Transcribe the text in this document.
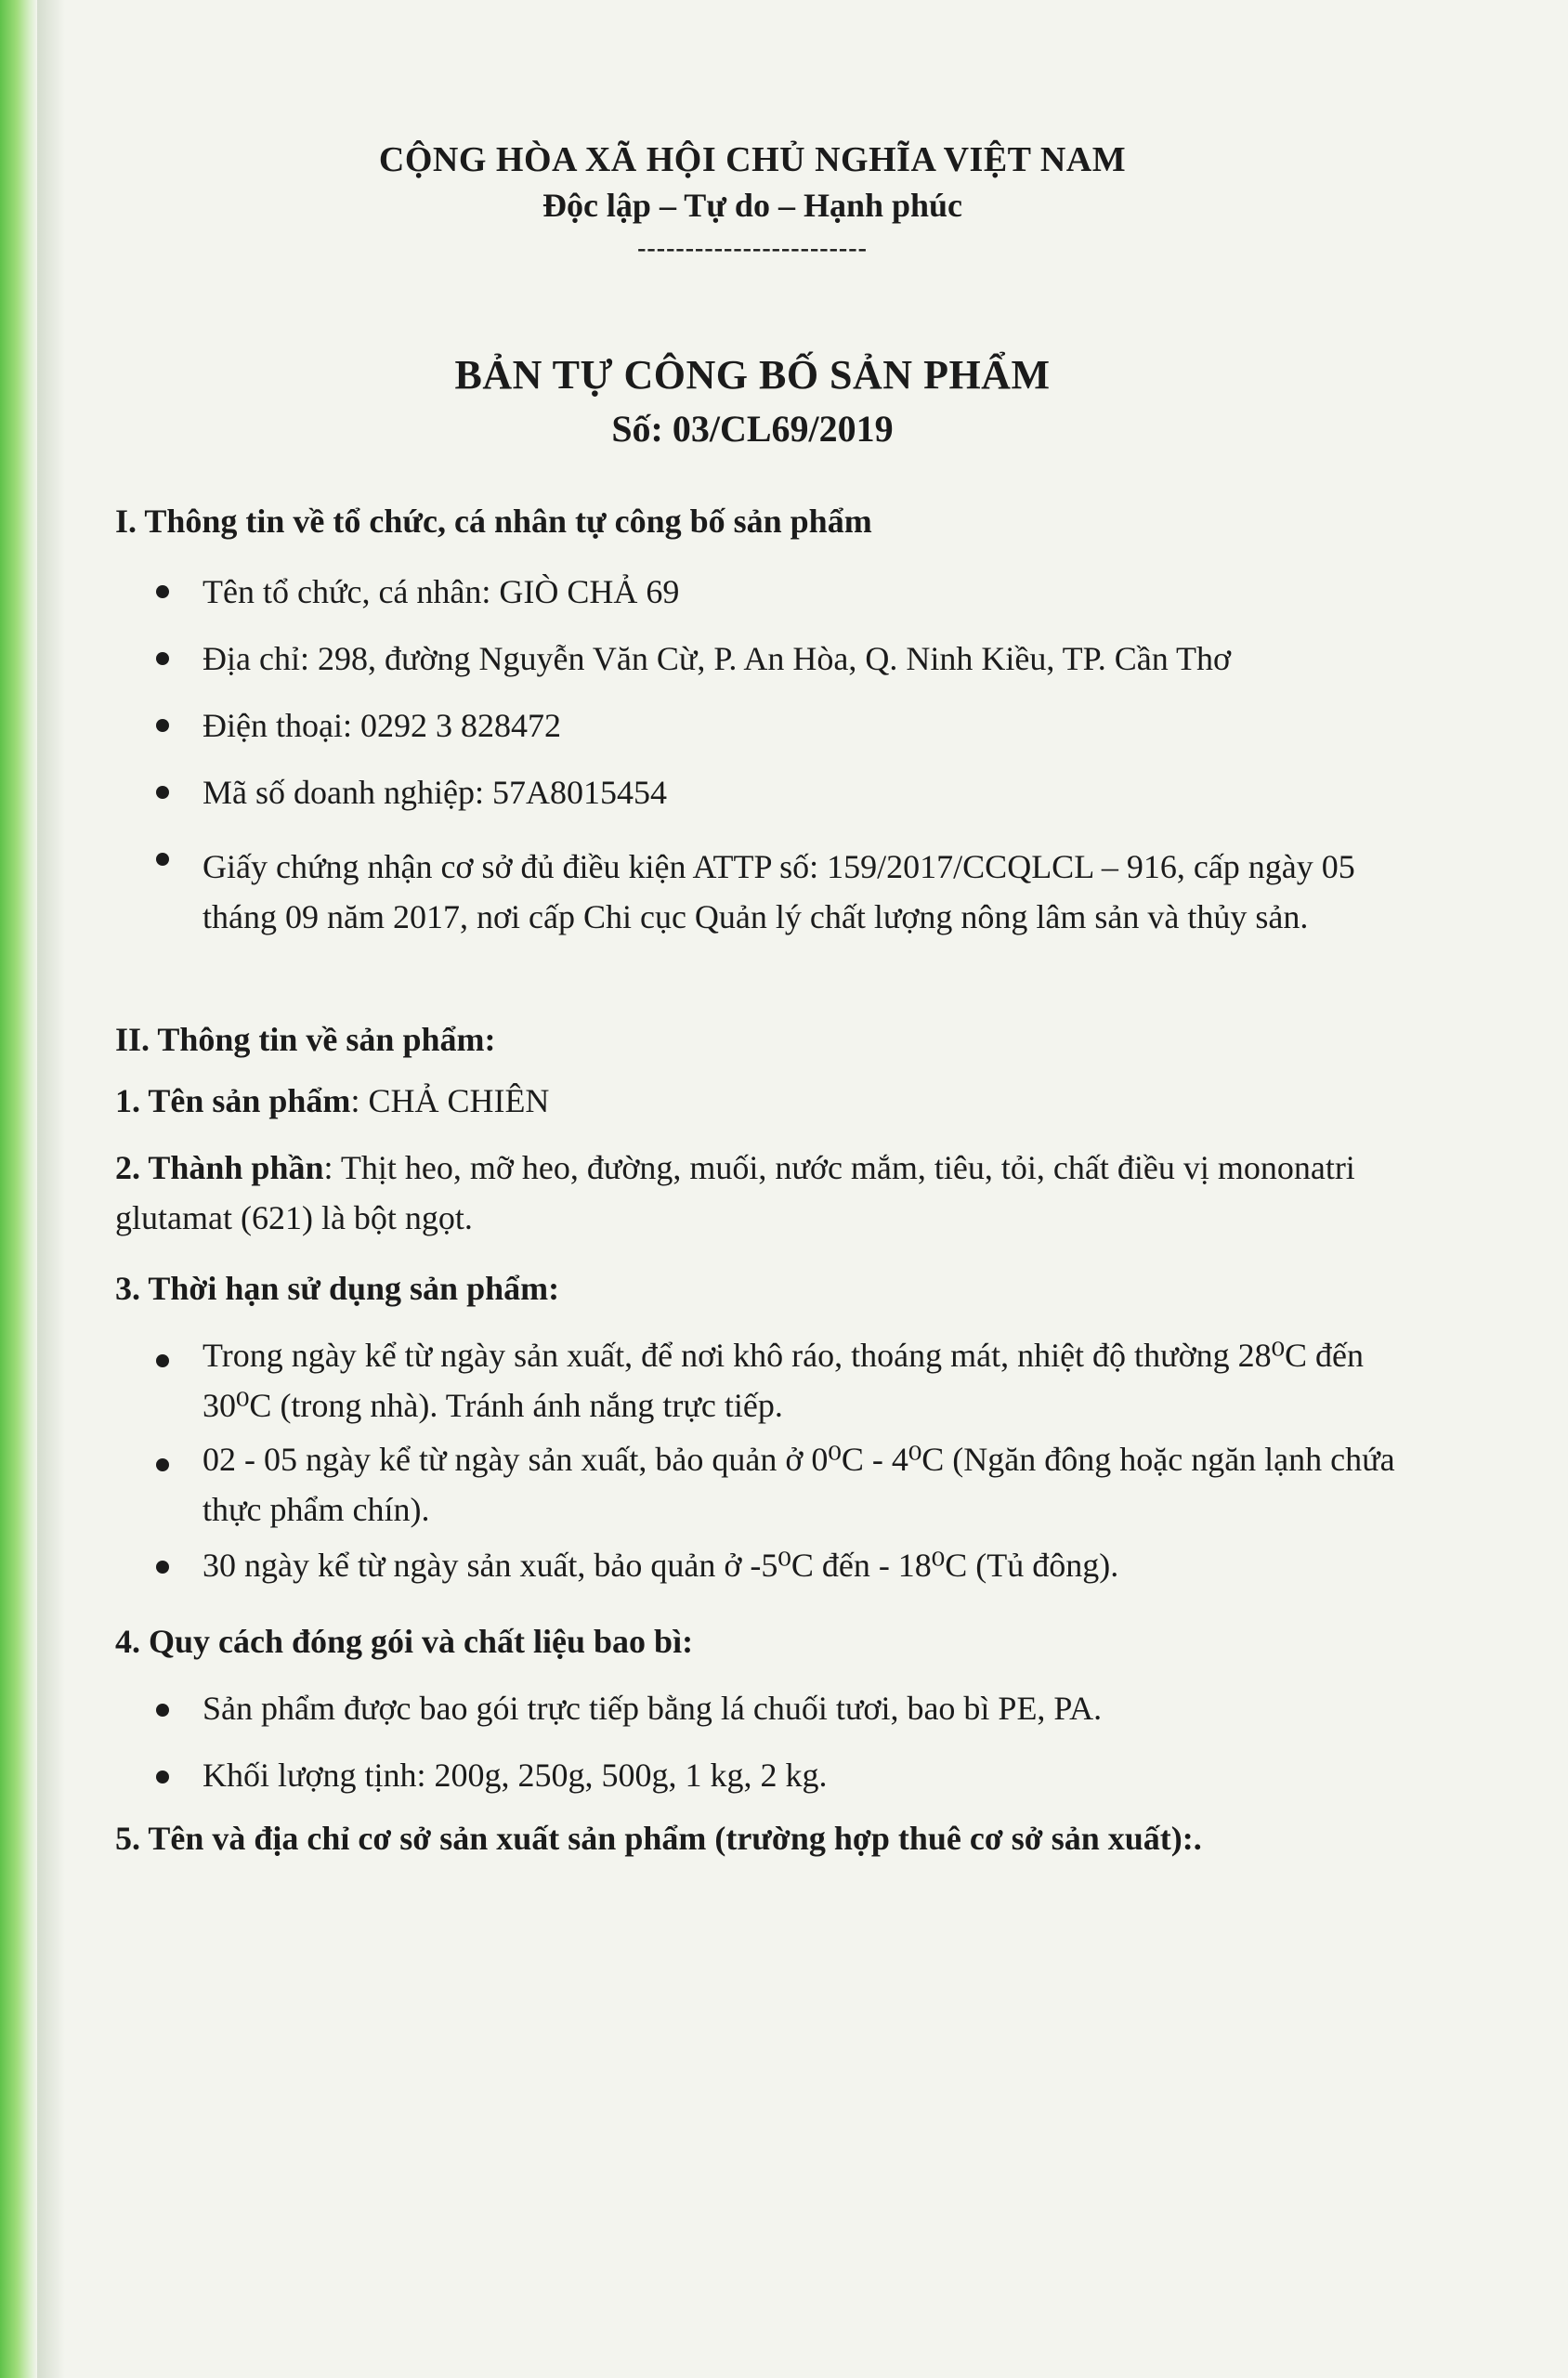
CỘNG HÒA XÃ HỘI CHỦ NGHĨA VIỆT NAM
Độc lập – Tự do – Hạnh phúc
------------------------
BẢN TỰ CÔNG BỐ SẢN PHẨM
Số: 03/CL69/2019
I. Thông tin về tổ chức, cá nhân tự công bố sản phẩm
Tên tổ chức, cá nhân: GIÒ CHẢ 69
Địa chỉ: 298, đường Nguyễn Văn Cừ, P. An Hòa, Q. Ninh Kiều, TP. Cần Thơ
Điện thoại: 0292 3 828472
Mã số doanh nghiệp: 57A8015454
Giấy chứng nhận cơ sở đủ điều kiện ATTP số: 159/2017/CCQLCL – 916, cấp ngày 05 tháng 09 năm 2017, nơi cấp Chi cục Quản lý chất lượng nông lâm sản và thủy sản.
II. Thông tin về sản phẩm:
1. Tên sản phẩm: CHẢ CHIÊN
2. Thành phần: Thịt heo, mỡ heo, đường, muối, nước mắm, tiêu, tỏi, chất điều vị mononatri glutamat (621) là bột ngọt.
3. Thời hạn sử dụng sản phẩm:
Trong ngày kể từ ngày sản xuất, để nơi khô ráo, thoáng mát, nhiệt độ thường 28⁰C đến 30⁰C (trong nhà). Tránh ánh nắng trực tiếp.
02 - 05 ngày kể từ ngày sản xuất, bảo quản ở 0⁰C - 4⁰C (Ngăn đông hoặc ngăn lạnh chứa thực phẩm chín).
30 ngày kể từ ngày sản xuất, bảo quản ở -5⁰C đến - 18⁰C (Tủ đông).
4. Quy cách đóng gói và chất liệu bao bì:
Sản phẩm được bao gói trực tiếp bằng lá chuối tươi, bao bì PE, PA.
Khối lượng tịnh: 200g, 250g, 500g, 1 kg, 2 kg.
5. Tên và địa chỉ cơ sở sản xuất sản phẩm (trường hợp thuê cơ sở sản xuất):.
